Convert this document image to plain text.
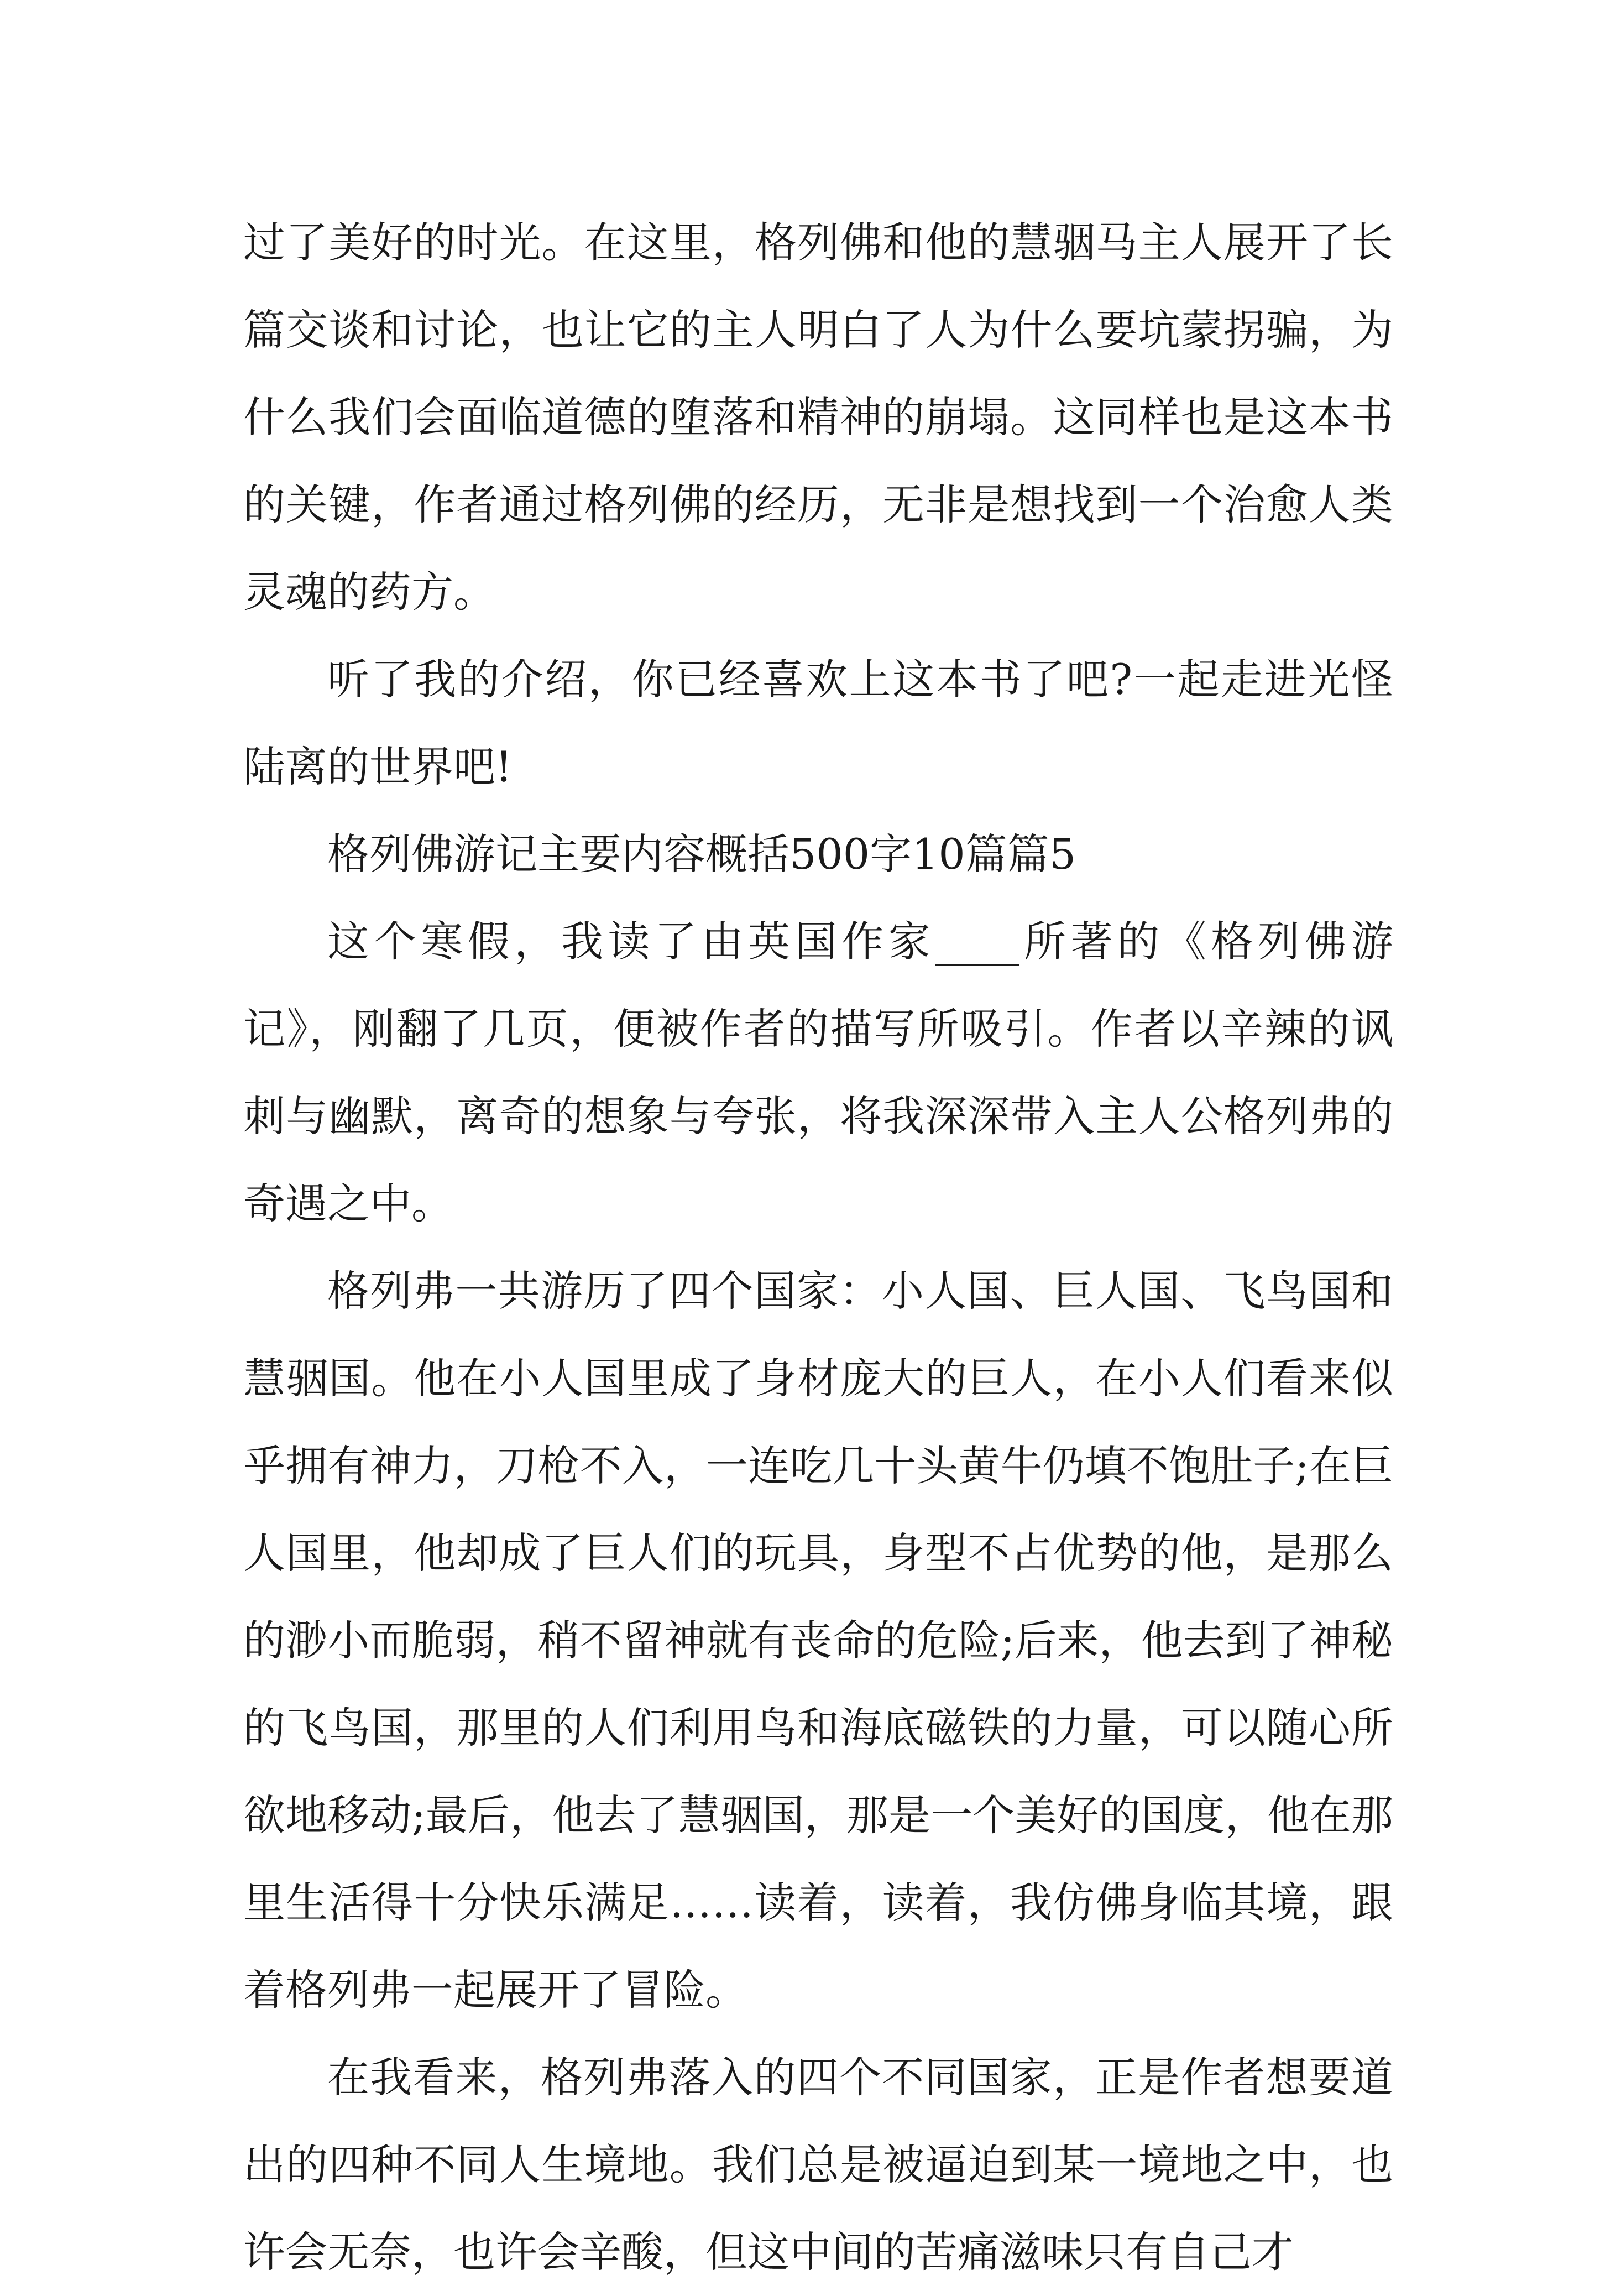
过了美好的时光。在这里，格列佛和他的慧骃马主人展开了长篇交谈和讨论，也让它的主人明白了人为什么要坑蒙拐骗，为什么我们会面临道德的堕落和精神的崩塌。这同样也是这本书的关键，作者通过格列佛的经历，无非是想找到一个治愈人类灵魂的药方。

听了我的介绍，你已经喜欢上这本书了吧?一起走进光怪陆离的世界吧!

格列佛游记主要内容概括500字10篇篇5

这个寒假，我读了由英国作家____所著的《格列佛游记》，刚翻了几页，便被作者的描写所吸引。作者以辛辣的讽刺与幽默，离奇的想象与夸张，将我深深带入主人公格列弗的奇遇之中。

格列弗一共游历了四个国家：小人国、巨人国、飞鸟国和慧骃国。他在小人国里成了身材庞大的巨人，在小人们看来似乎拥有神力，刀枪不入，一连吃几十头黄牛仍填不饱肚子;在巨人国里，他却成了巨人们的玩具，身型不占优势的他，是那么的渺小而脆弱，稍不留神就有丧命的危险;后来，他去到了神秘的飞鸟国，那里的人们利用鸟和海底磁铁的力量，可以随心所欲地移动;最后，他去了慧骃国，那是一个美好的国度，他在那里生活得十分快乐满足……读着，读着，我仿佛身临其境，跟着格列弗一起展开了冒险。

在我看来，格列弗落入的四个不同国家，正是作者想要道出的四种不同人生境地。我们总是被逼迫到某一境地之中，也许会无奈，也许会辛酸，但这中间的苦痛滋味只有自己才
